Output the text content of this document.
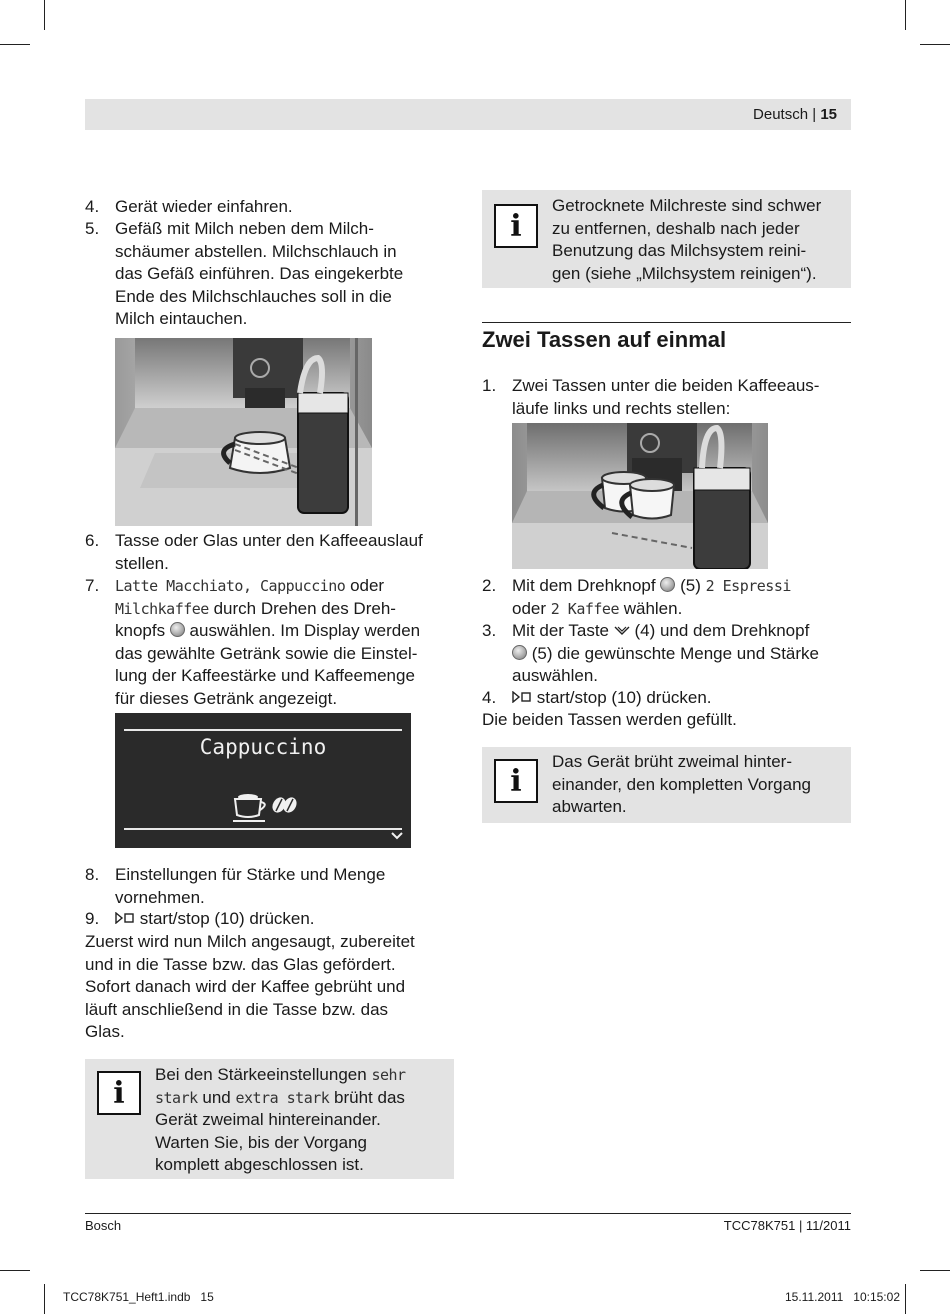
Deutsch | 15
4. Gerät wieder einfahren.
5. Gefäß mit Milch neben dem Milch-
schäumer abstellen. Milchschlauch in
das Gefäß einführen. Das eingekerbte
Ende des Milchschlauches soll in die
Milch eintauchen.
6. Tasse oder Glas unter den Kaffeeauslauf
stellen.
7. Latte Macchiato, Cappuccino oder
Milchkaffee durch Drehen des Dreh-
knopfs  auswählen. Im Display werden
das gewählte Getränk sowie die Einstel-
lung der Kaffeestärke und Kaffeemenge
für dieses Getränk angezeigt.
Cappuccino
8. Einstellungen für Stärke und Menge
vornehmen.
9.	start/stop (10) drücken.
Zuerst wird nun Milch angesaugt, zubereitet
und in die Tasse bzw. das Glas gefördert.
Sofort danach wird der Kaffee gebrüht und
läuft anschließend in die Tasse bzw. das
Glas.
i
Bei den Stärkeeinstellungen sehr
stark und extra stark brüht das
Gerät zweimal hintereinander.
Warten Sie, bis der Vorgang
komplett abgeschlossen ist.
i
Getrocknete Milchreste sind schwer
zu entfernen, deshalb nach jeder
Benutzung das Milchsystem reini-
gen (siehe „Milchsystem reinigen“).
Zwei Tassen auf einmal
1. Zwei Tassen unter die beiden Kaffeeaus-
läufe links und rechts stellen:
2. Mit dem Drehknopf  (5) 2 Espressi
oder 2 Kaffee wählen.
3. Mit der Taste  (4) und dem Drehknopf
(5) die gewünschte Menge und Stärke
auswählen.
4.	start/stop (10) drücken.
Die beiden Tassen werden gefüllt.
i
Das Gerät brüht zweimal hinter-
einander, den kompletten Vorgang
abwarten.
Bosch	TCC78K751 | 11/2011
TCC78K751_Heft1.indb   15	15.11.2011   10:15:02
